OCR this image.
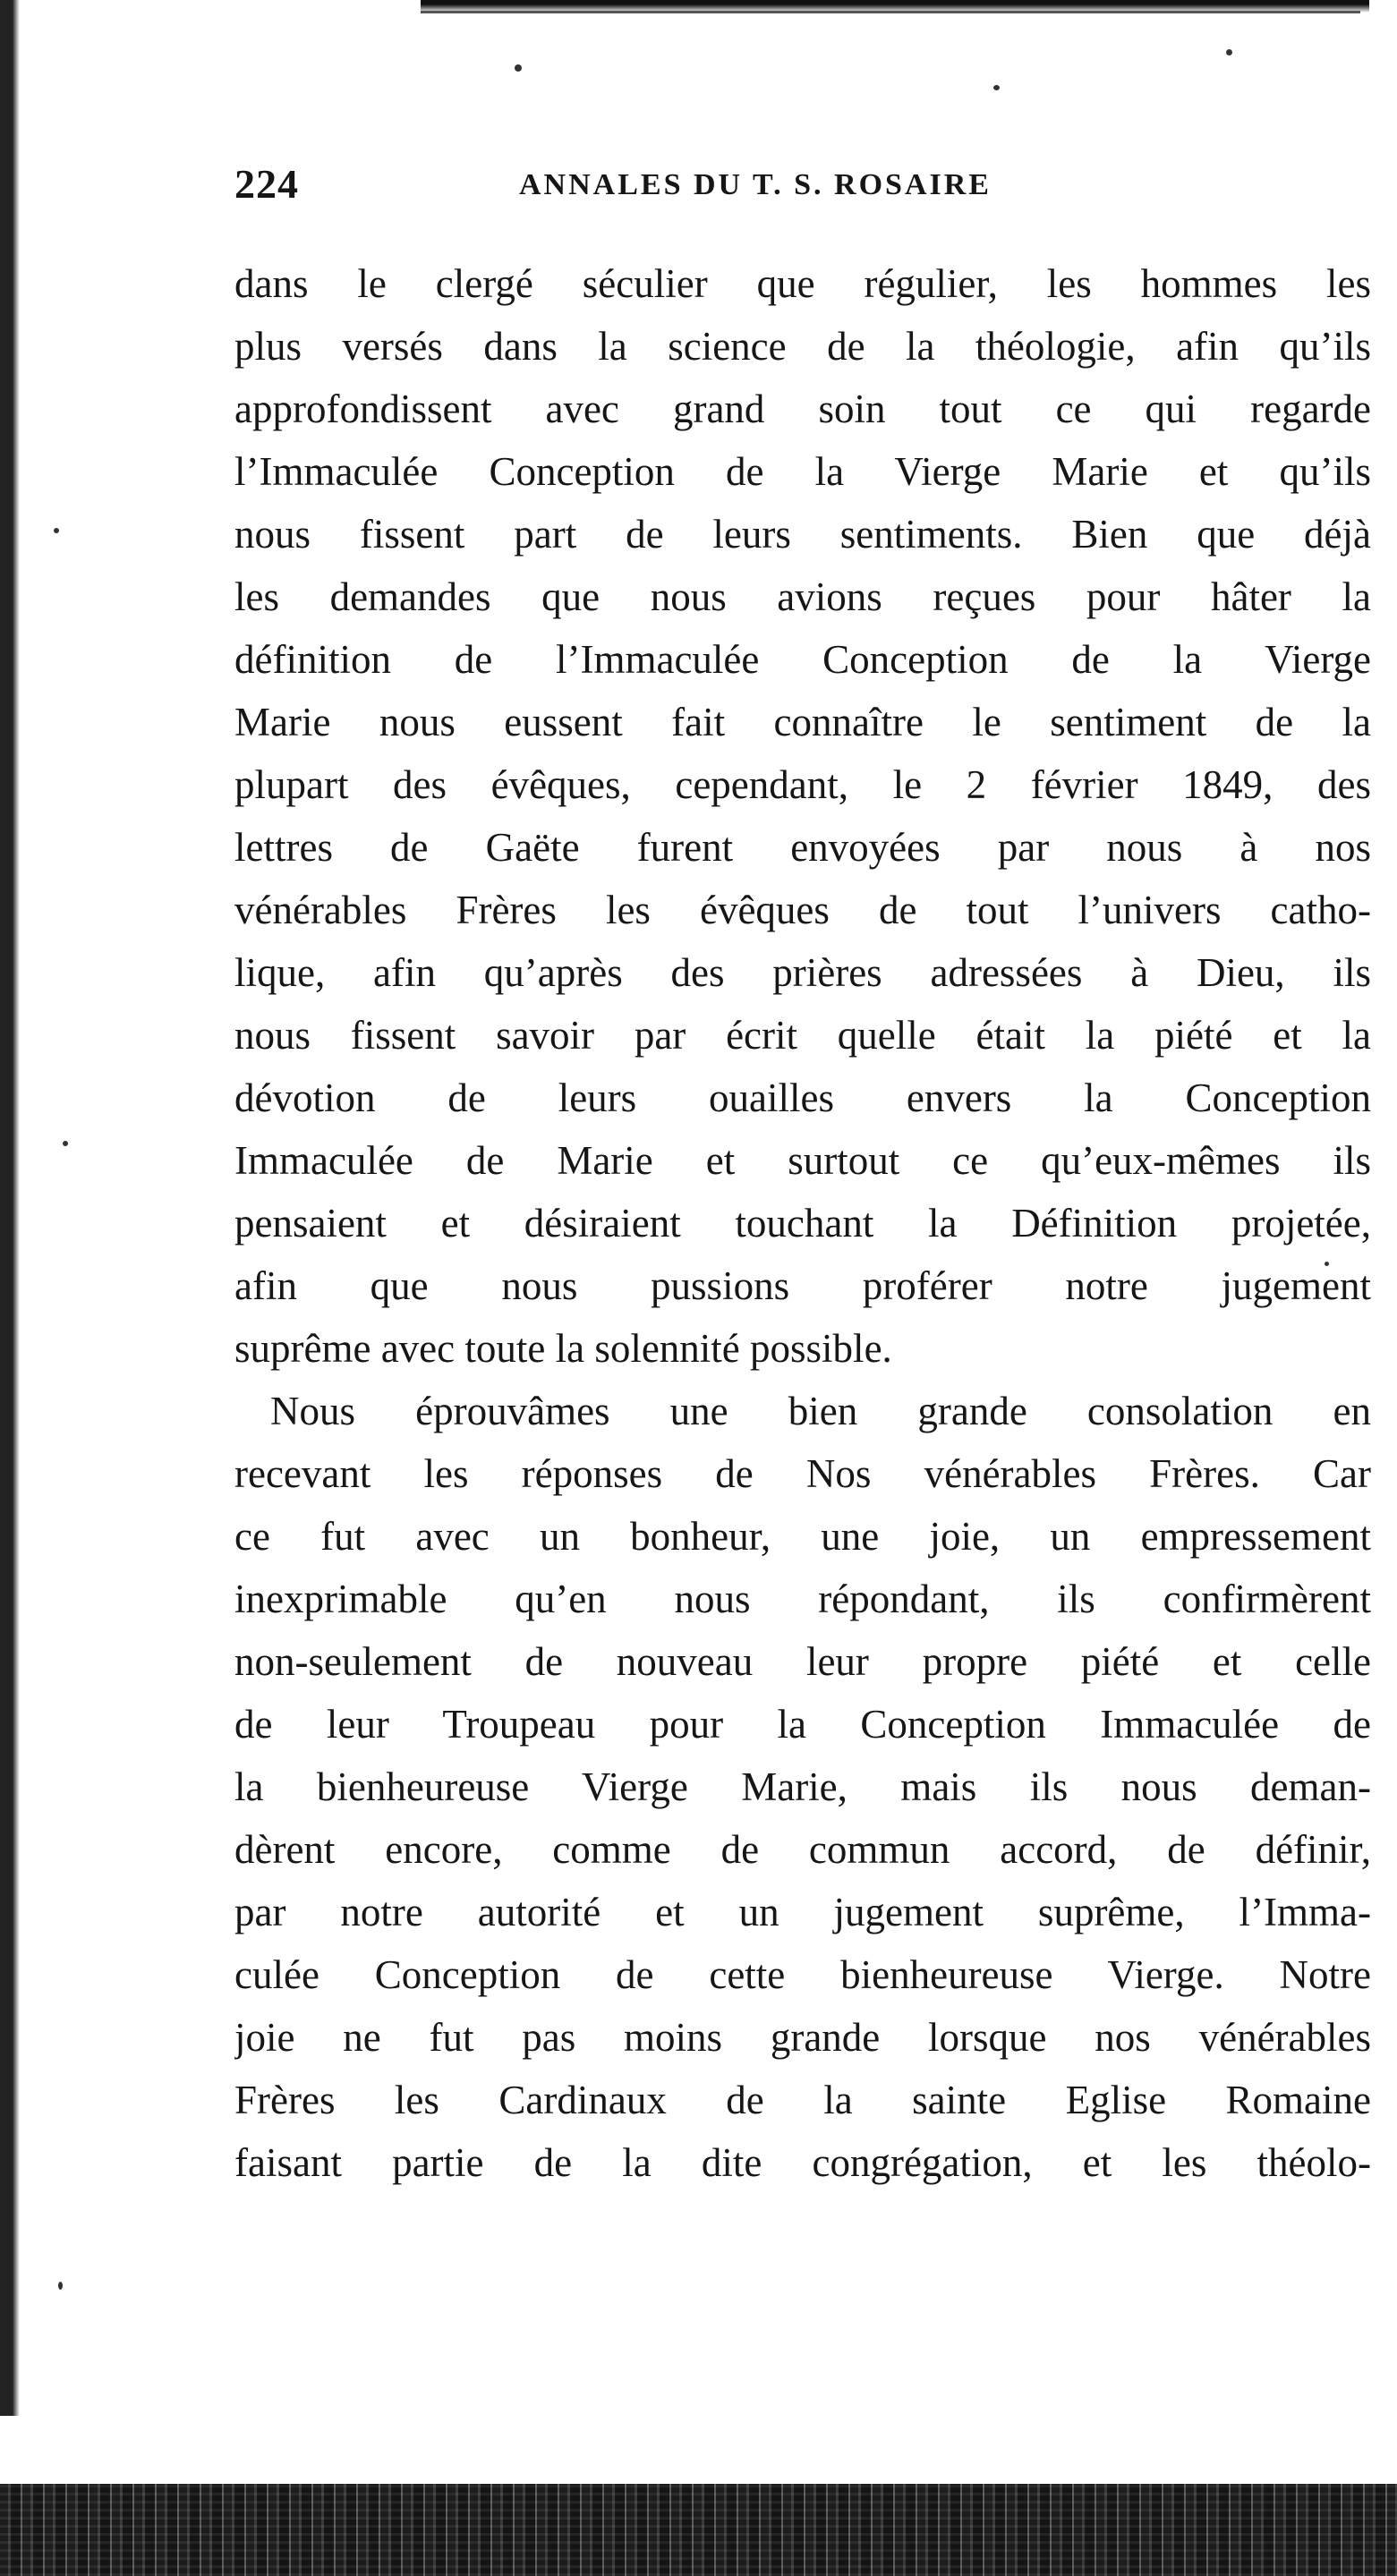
224	ANNALES DU T. S. ROSAIRE
dans le clergé séculier que régulier, les hommes les
plus versés dans la science de la théologie, afin qu’ils
approfondissent avec grand soin tout ce qui regarde
l’Immaculée Conception de la Vierge Marie et qu’ils
nous fissent part de leurs sentiments. Bien que déjà
les demandes que nous avions reçues pour hâter la
définition de l’Immaculée Conception de la Vierge
Marie nous eussent fait connaître le sentiment de la
plupart des évêques, cependant, le 2 février 1849, des
lettres de Gaëte furent envoyées par nous à nos
vénérables Frères les évêques de tout l’univers catho-
lique, afin qu’après des prières adressées à Dieu, ils
nous fissent savoir par écrit quelle était la piété et la
dévotion de leurs ouailles envers la Conception
Immaculée de Marie et surtout ce qu’eux-mêmes ils
pensaient et désiraient touchant la Définition projetée,
afin que nous pussions proférer notre jugement
suprême avec toute la solennité possible.
Nous éprouvâmes une bien grande consolation en
recevant les réponses de Nos vénérables Frères. Car
ce fut avec un bonheur, une joie, un empressement
inexprimable qu’en nous répondant, ils confirmèrent
non-seulement de nouveau leur propre piété et celle
de leur Troupeau pour la Conception Immaculée de
la bienheureuse Vierge Marie, mais ils nous deman-
dèrent encore, comme de commun accord, de définir,
par notre autorité et un jugement suprême, l’Imma-
culée Conception de cette bienheureuse Vierge. Notre
joie ne fut pas moins grande lorsque nos vénérables
Frères les Cardinaux de la sainte Eglise Romaine
faisant partie de la dite congrégation, et les théolo-
